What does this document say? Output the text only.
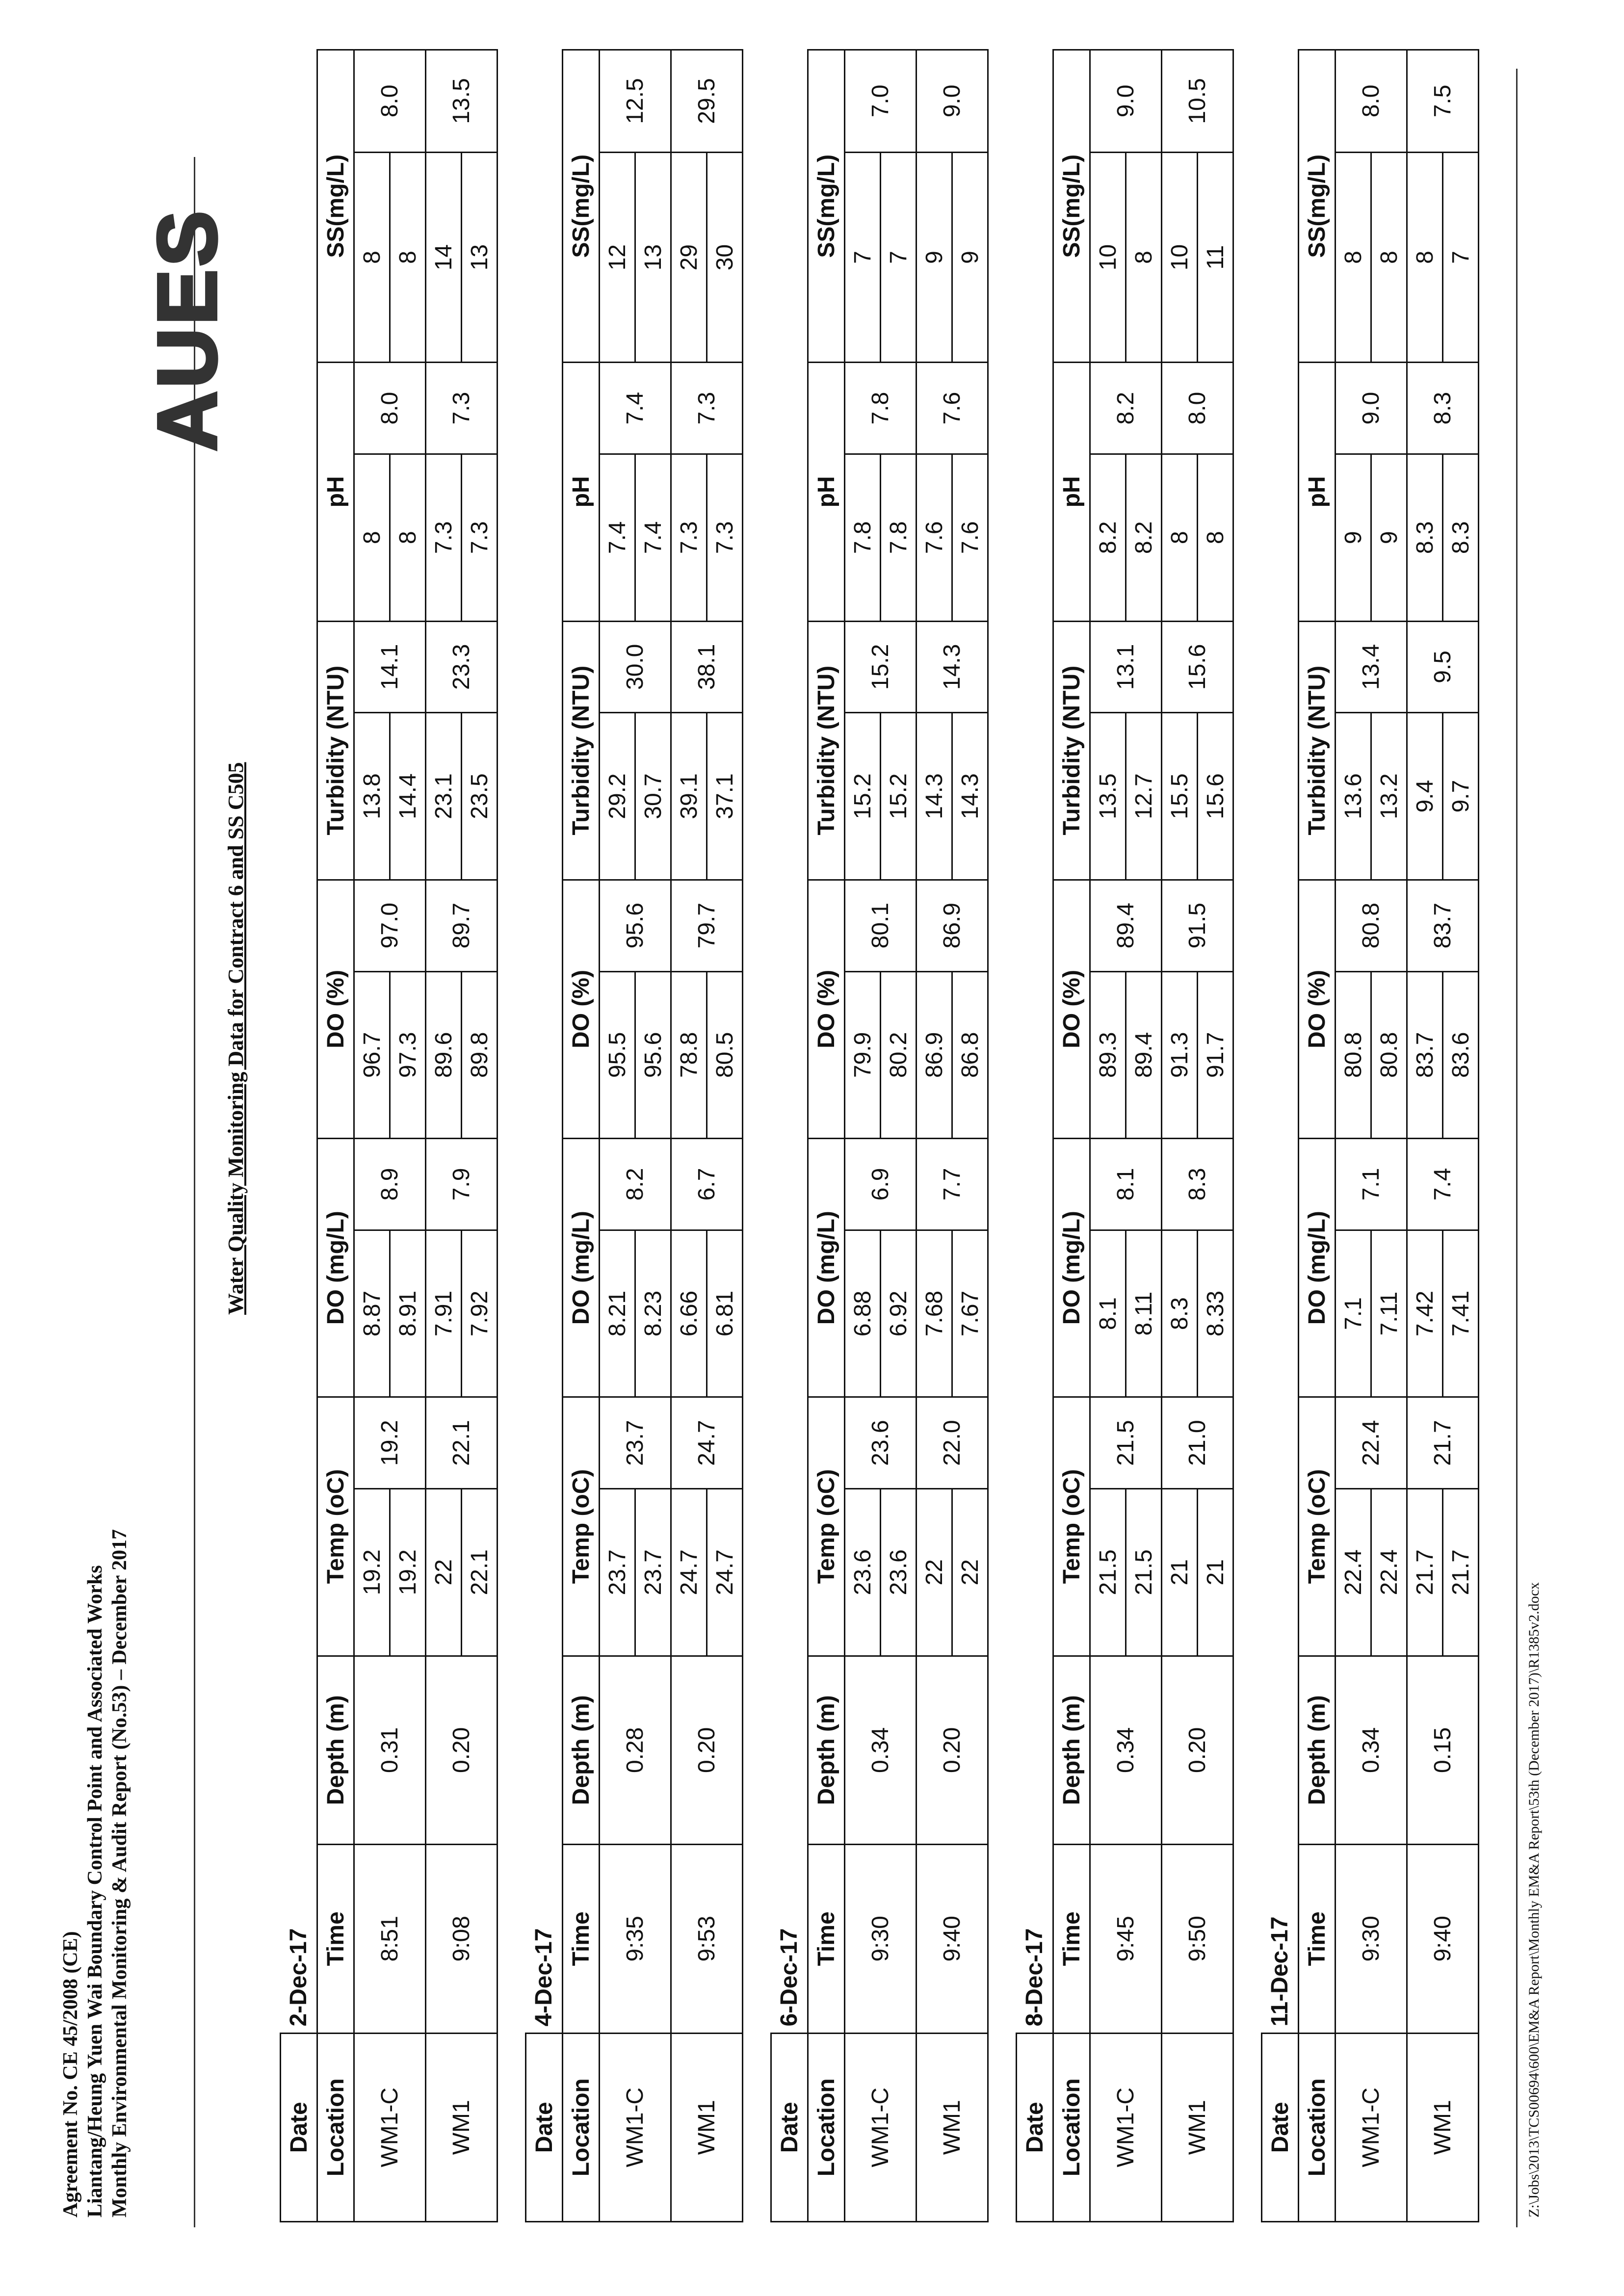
Agreement No. CE 45/2008 (CE) Liantang/Heung Yuen Wai Boundary Control Point and Associated Works Monthly Environmental Monitoring & Audit Report (No.53) – December 2017
AUES
Water Quality Monitoring Data for Contract 6 and SS C505
Date	2-Dec-17													
Location	Time	Depth (m)	Temp (oC)		DO (mg/L)		DO (%)		Turbidity (NTU)		pH		SS(mg/L)	
WM1-C	8:51	0.31	19.2	19.2	8.87	8.9	96.7	97.0	13.8	14.1	8	8.0	8	8.0
			19.2		8.91		97.3		14.4		8		8	
WM1	9:08	0.20	22	22.1	7.91	7.9	89.6	89.7	23.1	23.3	7.3	7.3	14	13.5
			22.1		7.92		89.8		23.5		7.3		13	
Date	4-Dec-17													
Location	Time	Depth (m)	Temp (oC)		DO (mg/L)		DO (%)		Turbidity (NTU)		pH		SS(mg/L)	
WM1-C	9:35	0.28	23.7	23.7	8.21	8.2	95.5	95.6	29.2	30.0	7.4	7.4	12	12.5
			23.7		8.23		95.6		30.7		7.4		13	
WM1	9:53	0.20	24.7	24.7	6.66	6.7	78.8	79.7	39.1	38.1	7.3	7.3	29	29.5
			24.7		6.81		80.5		37.1		7.3		30	
Date	6-Dec-17													
Location	Time	Depth (m)	Temp (oC)		DO (mg/L)		DO (%)		Turbidity (NTU)		pH		SS(mg/L)	
WM1-C	9:30	0.34	23.6	23.6	6.88	6.9	79.9	80.1	15.2	15.2	7.8	7.8	7	7.0
			23.6		6.92		80.2		15.2		7.8		7	
WM1	9:40	0.20	22	22.0	7.68	7.7	86.9	86.9	14.3	14.3	7.6	7.6	9	9.0
			22		7.67		86.8		14.3		7.6		9	
Date	8-Dec-17													
Location	Time	Depth (m)	Temp (oC)		DO (mg/L)		DO (%)		Turbidity (NTU)		pH		SS(mg/L)	
WM1-C	9:45	0.34	21.5	21.5	8.1	8.1	89.3	89.4	13.5	13.1	8.2	8.2	10	9.0
			21.5		8.11		89.4		12.7		8.2		8	
WM1	9:50	0.20	21	21.0	8.3	8.3	91.3	91.5	15.5	15.6	8	8.0	10	10.5
			21		8.33		91.7		15.6		8		11	
Date	11-Dec-17													
Location	Time	Depth (m)	Temp (oC)		DO (mg/L)		DO (%)		Turbidity (NTU)		pH		SS(mg/L)	
WM1-C	9:30	0.34	22.4	22.4	7.1	7.1	80.8	80.8	13.6	13.4	9	9.0	8	8.0
			22.4		7.11		80.8		13.2		9		8	
WM1	9:40	0.15	21.7	21.7	7.42	7.4	83.7	83.7	9.4	9.5	8.3	8.3	8	7.5
			21.7		7.41		83.6		9.7		8.3		7	
Z:\Jobs\2013\TCS00694\600\EM&A Report\Monthly EM&A Report\53th (December 2017)\R1385v2.docx
